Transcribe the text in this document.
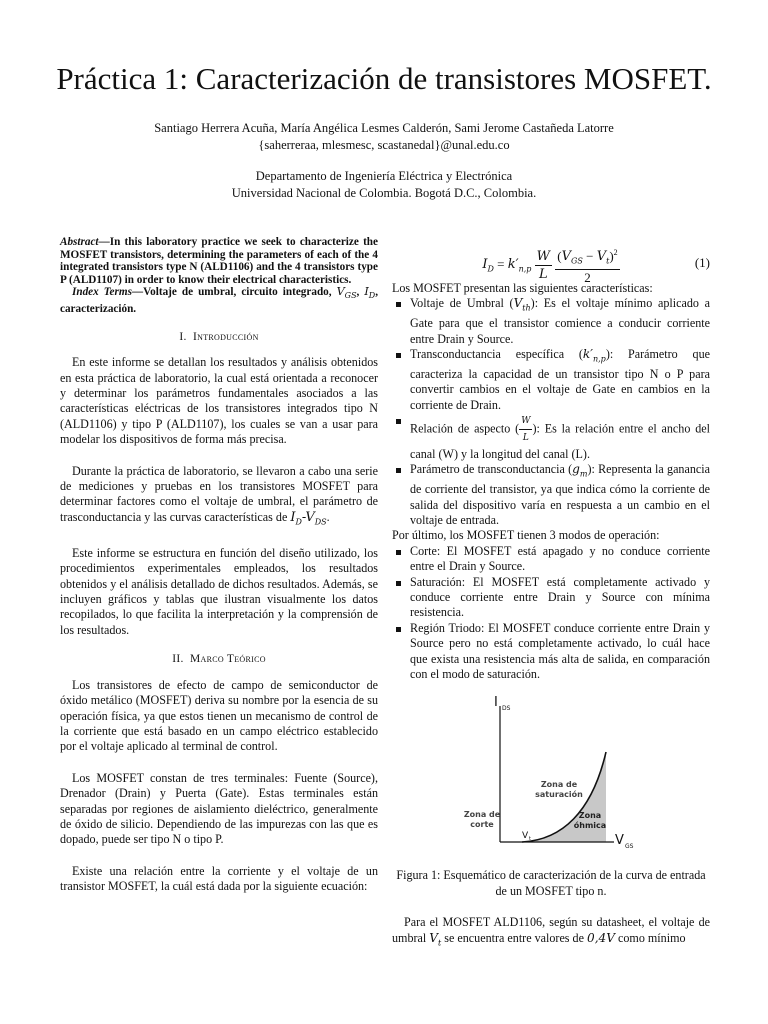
Práctica 1: Caracterización de transistores MOSFET.
Santiago Herrera Acuña, María Angélica Lesmes Calderón, Sami Jerome Castañeda Latorre
{saherreraa, mlesmesc, scastanedal}@unal.edu.co
Departamento de Ingeniería Eléctrica y Electrónica
Universidad Nacional de Colombia. Bogotá D.C., Colombia.

Abstract—In this laboratory practice we seek to characterize the MOSFET transistors, determining the parameters of each of the 4 integrated transistors type N (ALD1106) and the 4 transistors type P (ALD1107) in order to know their electrical characteristics.

Index Terms—Voltaje de umbral, circuito integrado, $V_{GS}$, $I_D$, caracterización.

I. Introducción

En este informe se detallan los resultados y análisis obtenidos en esta práctica de laboratorio, la cual está orientada a reconocer y determinar los parámetros fundamentales asociados a las características eléctricas de los transistores integrados tipo N (ALD1106) y tipo P (ALD1107), los cuales se van a usar para modelar los dispositivos de forma más precisa.

Durante la práctica de laboratorio, se llevaron a cabo una serie de mediciones y pruebas en los transistores MOSFET para determinar factores como el voltaje de umbral, el parámetro de trasconductancia y las curvas características de $I_D-V_{DS}$.

Este informe se estructura en función del diseño utilizado, los procedimientos experimentales empleados, los resultados obtenidos y el análisis detallado de dichos resultados. Además, se incluyen gráficos y tablas que ilustran visualmente los datos recopilados, lo que facilita la interpretación y la comprensión de los resultados.

II. Marco Teórico

Los transistores de efecto de campo de semiconductor de óxido metálico (MOSFET) deriva su nombre por la esencia de su operación física, ya que estos tienen un mecanismo de control de la corriente que está basado en un campo eléctrico establecido por el voltaje aplicado al terminal de control.

Los MOSFET constan de tres terminales: Fuente (Source), Drenador (Drain) y Puerta (Gate). Estas terminales están separadas por regiones de aislamiento dieléctrico, generalmente de óxido de silicio. Dependiendo de las impurezas con las que es dopado, puede ser tipo N o tipo P.

Existe una relación entre la corriente y el voltaje de un transistor MOSFET, la cuál está dada por la siguiente ecuación:

$I_D = k'_{n,p} \frac{W}{L}$
$\frac{(V_{GS} - V_t)^2}{2}$	(1)

Los MOSFET presentan las siguientes características:

Voltaje de Umbral $(V_{th})$: Es el voltaje mínimo aplicado a Gate para que el transistor comience a conducir corriente entre Drain y Source.
Transconductancia específica $(k'_{n,p})$: Parámetro que caracteriza la capacidad de un transistor tipo N o P para convertir cambios en el voltaje de Gate en cambios en la corriente de Drain.
Relación de aspecto ( $\frac{W}{L}$ ): Es la relación entre el ancho del canal (W) y la longitud del canal (L).
Parámetro de transconductancia $(g_m)$: Representa la ganancia de corriente del transistor, ya que indica cómo la corriente de salida del dispositivo varía en respuesta a un cambio en el voltaje de entrada.

Por último, los MOSFET tienen 3 modos de operación:

Corte: El MOSFET está apagado y no conduce corriente entre el Drain y Source.
Saturación: El MOSFET está completamente activado y conduce corriente entre Drain y Source con mínima resistencia.
Región Triodo: El MOSFET conduce corriente entre Drain y Source pero no está completamente activado, lo cuál hace que exista una resistencia más alta de salida, en comparación con el modo de saturación.
I DS
V GS
V t
Zona de
corte
Zona de
saturación
Zona
óhmica
Figura 1: Esquemático de caracterización de la curva de entrada de un MOSFET tipo n.

Para el MOSFET ALD1106, según su datasheet, el voltaje de umbral $V_t$ se encuentra entre valores de 0,4V como mínimo
